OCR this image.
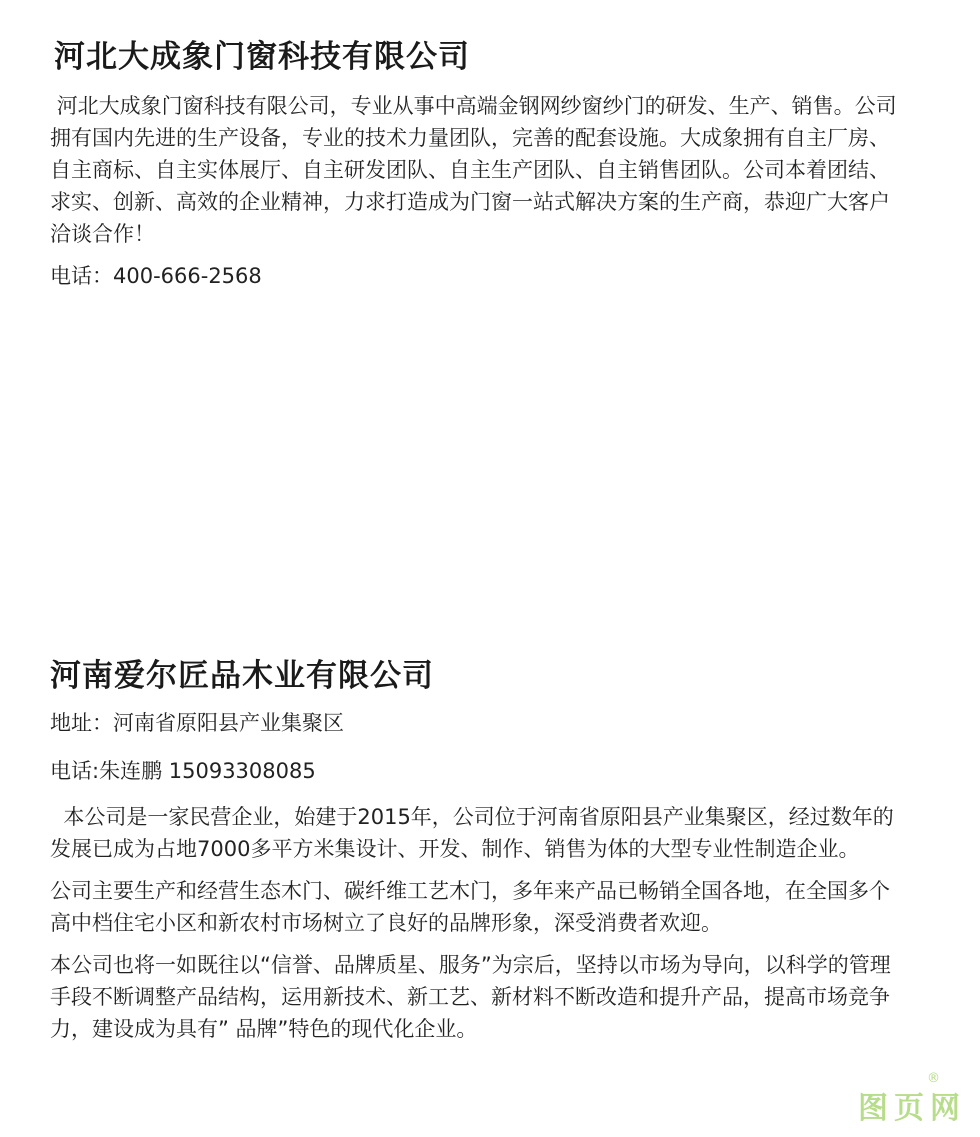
河北大成象门窗科技有限公司

河北大成象门窗科技有限公司，专业从事中高端金钢网纱窗纱门的研发、生产、销售。公司拥有国内先进的生产设备，专业的技术力量团队，完善的配套设施。大成象拥有自主厂房、自主商标、自主实体展厅、自主研发团队、自主生产团队、自主销售团队。公司本着团结、求实、创新、高效的企业精神，力求打造成为门窗一站式解决方案的生产商，恭迎广大客户洽谈合作！

电话：400-666-2568

河南爱尔匠品木业有限公司

地址：河南省原阳县产业集聚区

电话:朱连鹏 15093308085

本公司是一家民营企业，始建于2015年，公司位于河南省原阳县产业集聚区，经过数年的发展已成为占地7000多平方米集设计、开发、制作、销售为体的大型专业性制造企业。

公司主要生产和经营生态木门、碳纤维工艺木门，多年来产品已畅销全国各地，在全国多个高中档住宅小区和新农村市场树立了良好的品牌形象，深受消费者欢迎。

本公司也将一如既往以“信誉、品牌质星、服务”为宗后，坚持以市场为导向，以科学的管理手段不断调整产品结构，运用新技术、新工艺、新材料不断改造和提升产品，提高市场竞争力，建设成为具有” 品牌”特色的现代化企业。

图页网
®
